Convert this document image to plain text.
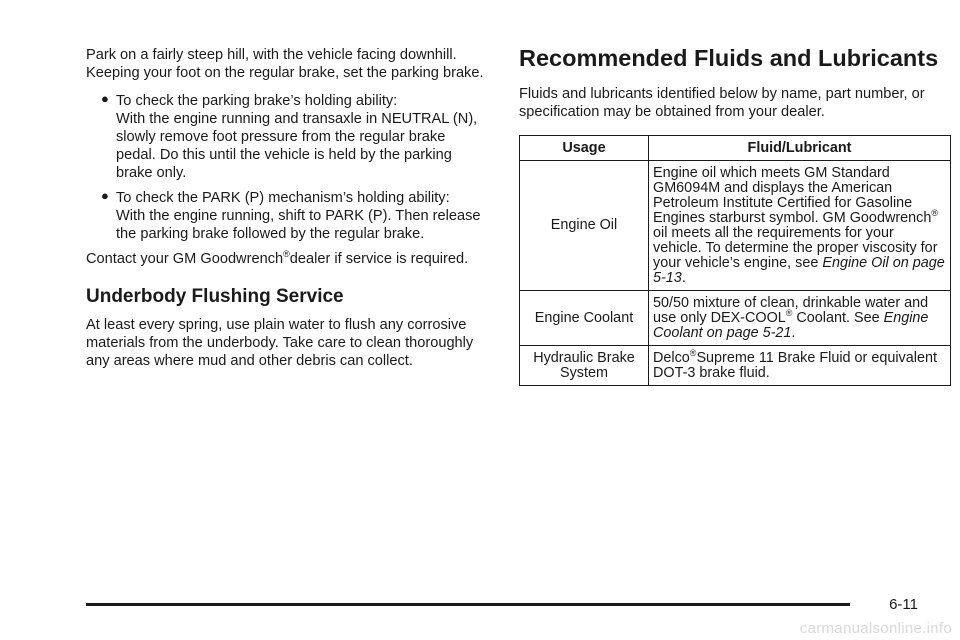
Park on a fairly steep hill, with the vehicle facing downhill. Keeping your foot on the regular brake, set the parking brake.

● To check the parking brake’s holding ability:

With the engine running and transaxle in NEUTRAL (N), slowly remove foot pressure from the regular brake pedal. Do this until the vehicle is held by the parking brake only.

● To check the PARK (P) mechanism’s holding ability:

With the engine running, shift to PARK (P). Then release the parking brake followed by the regular brake.

Contact your GM Goodwrench®dealer if service is required.

Underbody Flushing Service

At least every spring, use plain water to flush any corrosive materials from the underbody. Take care to clean thoroughly any areas where mud and other debris can collect.

Recommended Fluids and Lubricants

Fluids and lubricants identified below by name, part number, or specification may be obtained from your dealer.

Usage	Fluid/Lubricant
Engine Oil	Engine oil which meets GM Standard GM6094M and displays the American Petroleum Institute Certified for Gasoline Engines starburst symbol. GM Goodwrench® oil meets all the requirements for your vehicle. To determine the proper viscosity for your vehicle’s engine, see Engine Oil on page 5-13.
Engine Coolant	50/50 mixture of clean, drinkable water and use only DEX-COOL® Coolant. See Engine Coolant on page 5-21.
Hydraulic Brake System	Delco®Supreme 11 Brake Fluid or equivalent DOT-3 brake fluid.
6-11
carmanualsonline.info
